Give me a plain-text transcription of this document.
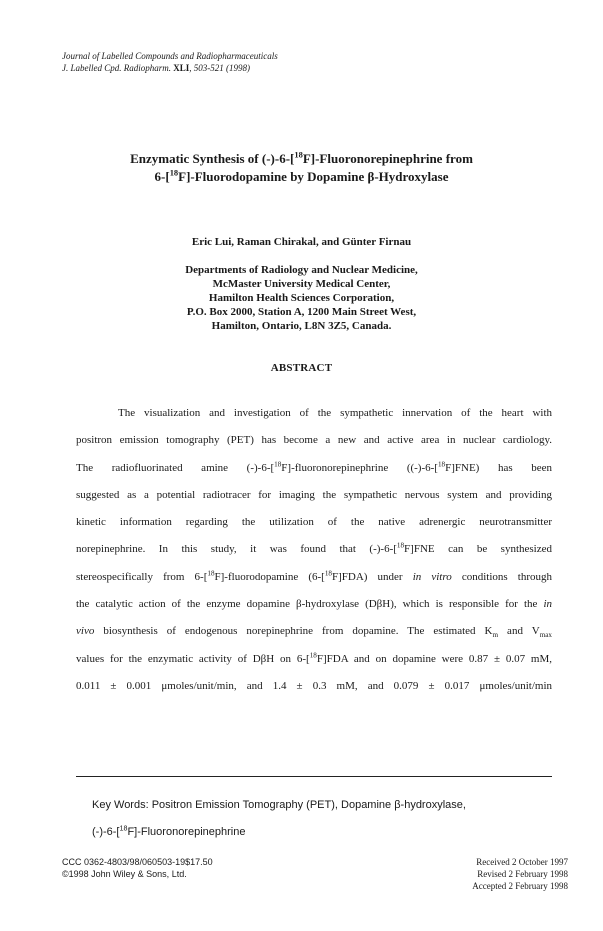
Journal of Labelled Compounds and Radiopharmaceuticals
J. Labelled Cpd. Radiopharm. XLI, 503-521 (1998)
Enzymatic Synthesis of (-)-6-[$^{18}$F]-Fluoronorepinephrine from
6-[$^{18}$F]-Fluorodopamine by Dopamine β-Hydroxylase
Eric Lui, Raman Chirakal, and Günter Firnau
Departments of Radiology and Nuclear Medicine,
McMaster University Medical Center,
Hamilton Health Sciences Corporation,
P.O. Box 2000, Station A, 1200 Main Street West,
Hamilton, Ontario, L8N 3Z5, Canada.
ABSTRACT
The visualization and investigation of the sympathetic innervation of the heart with
positron emission tomography (PET) has become a new and active area in nuclear cardiology.
The radiofluorinated amine (-)-6-[$^{18}$F]-fluoronorepinephrine ((-)-6-[$^{18}$F]FNE) has been
suggested as a potential radiotracer for imaging the sympathetic nervous system and providing
kinetic information regarding the utilization of the native adrenergic neurotransmitter
norepinephrine. In this study, it was found that (-)-6-[$^{18}$F]FNE can be synthesized
stereospecifically from 6-[$^{18}$F]-fluorodopamine (6-[$^{18}$F]FDA) under in vitro conditions through
the catalytic action of the enzyme dopamine β-hydroxylase (DβH), which is responsible for the in
vivo biosynthesis of endogenous norepinephrine from dopamine. The estimated $K_m$ and $V_{max}$
values for the enzymatic activity of DβH on 6-[$^{18}$F]FDA and on dopamine were 0.87 ± 0.07 mM,
0.011 ± 0.001 μmoles/unit/min, and 1.4 ± 0.3 mM, and 0.079 ± 0.017 μmoles/unit/min
Key Words: Positron Emission Tomography (PET), Dopamine β-hydroxylase,
(-)-6-[$^{18}$F]-Fluoronorepinephrine
CCC 0362-4803/98/060503-19$17.50
©1998 John Wiley & Sons, Ltd.
Received 2 October 1997
Revised 2 February 1998
Accepted 2 February 1998
